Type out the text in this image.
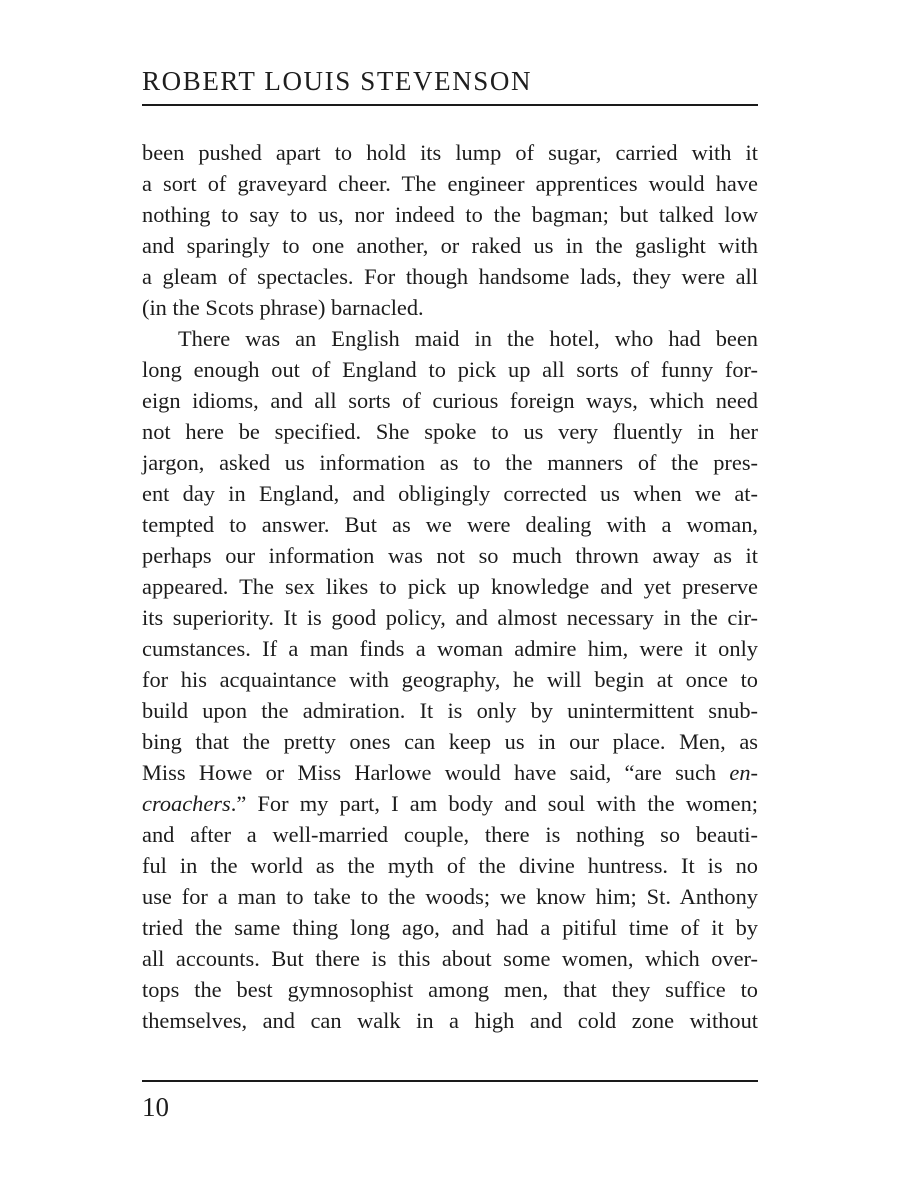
ROBERT LOUIS STEVENSON
been pushed apart to hold its lump of sugar, carried with it
a sort of graveyard cheer. The engineer apprentices would have
nothing to say to us, nor indeed to the bagman; but talked low
and sparingly to one another, or raked us in the gaslight with
a gleam of spectacles. For though handsome lads, they were all
(in the Scots phrase) barnacled.
There was an English maid in the hotel, who had been
long enough out of England to pick up all sorts of funny for-
eign idioms, and all sorts of curious foreign ways, which need
not here be specified. She spoke to us very fluently in her
jargon, asked us information as to the manners of the pres-
ent day in England, and obligingly corrected us when we at-
tempted to answer. But as we were dealing with a woman,
perhaps our information was not so much thrown away as it
appeared. The sex likes to pick up knowledge and yet preserve
its superiority. It is good policy, and almost necessary in the cir-
cumstances. If a man finds a woman admire him, were it only
for his acquaintance with geography, he will begin at once to
build upon the admiration. It is only by unintermittent snub-
bing that the pretty ones can keep us in our place. Men, as
Miss Howe or Miss Harlowe would have said, “are such en-
croachers.” For my part, I am body and soul with the women;
and after a well-married couple, there is nothing so beauti-
ful in the world as the myth of the divine huntress. It is no
use for a man to take to the woods; we know him; St. Anthony
tried the same thing long ago, and had a pitiful time of it by
all accounts. But there is this about some women, which over-
tops the best gymnosophist among men, that they suffice to
themselves, and can walk in a high and cold zone without
10
